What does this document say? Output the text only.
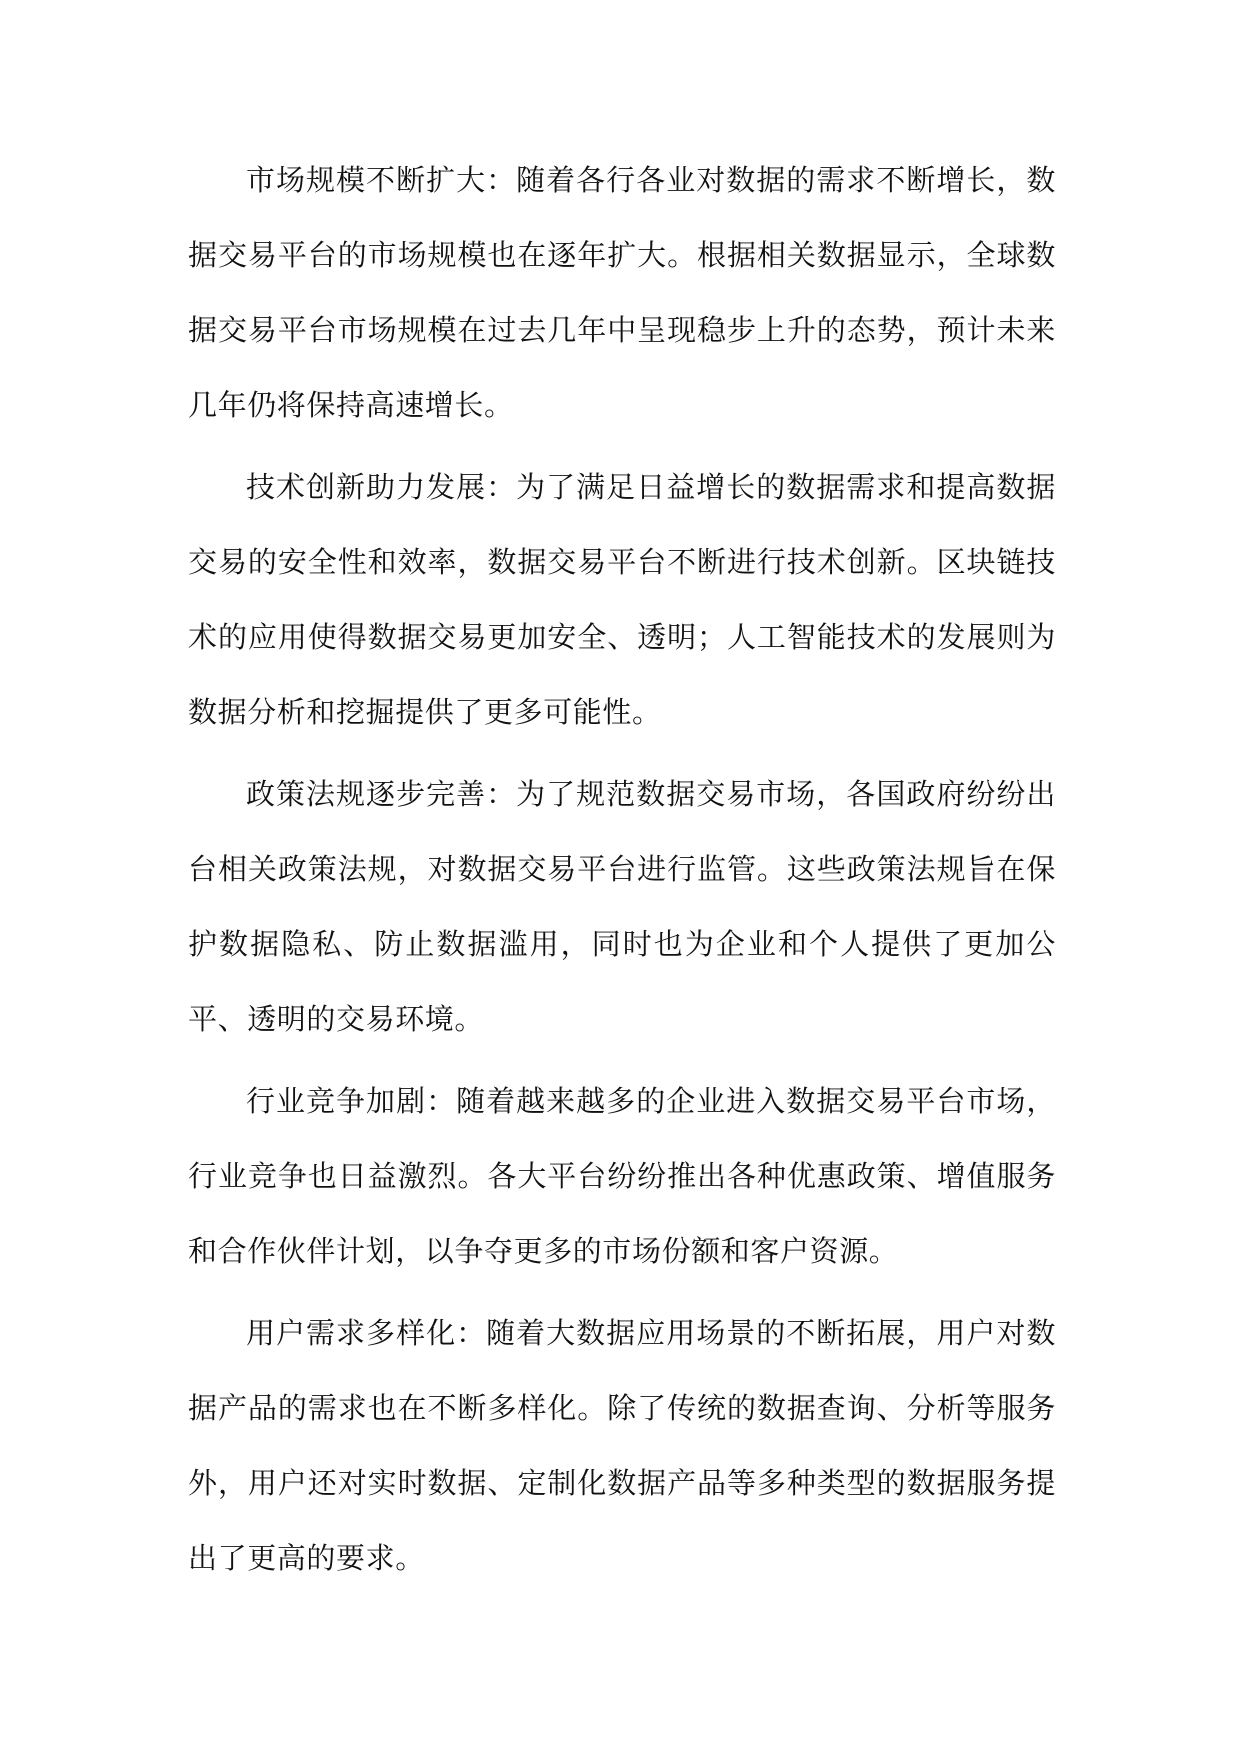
市场规模不断扩大：随着各行各业对数据的需求不断增长，数据交易平台的市场规模也在逐年扩大。根据相关数据显示，全球数据交易平台市场规模在过去几年中呈现稳步上升的态势，预计未来几年仍将保持高速增长。

技术创新助力发展：为了满足日益增长的数据需求和提高数据交易的安全性和效率，数据交易平台不断进行技术创新。区块链技术的应用使得数据交易更加安全、透明；人工智能技术的发展则为数据分析和挖掘提供了更多可能性。

政策法规逐步完善：为了规范数据交易市场，各国政府纷纷出台相关政策法规，对数据交易平台进行监管。这些政策法规旨在保护数据隐私、防止数据滥用，同时也为企业和个人提供了更加公平、透明的交易环境。

行业竞争加剧：随着越来越多的企业进入数据交易平台市场，行业竞争也日益激烈。各大平台纷纷推出各种优惠政策、增值服务和合作伙伴计划，以争夺更多的市场份额和客户资源。

用户需求多样化：随着大数据应用场景的不断拓展，用户对数据产品的需求也在不断多样化。除了传统的数据查询、分析等服务外，用户还对实时数据、定制化数据产品等多种类型的数据服务提出了更高的要求。
